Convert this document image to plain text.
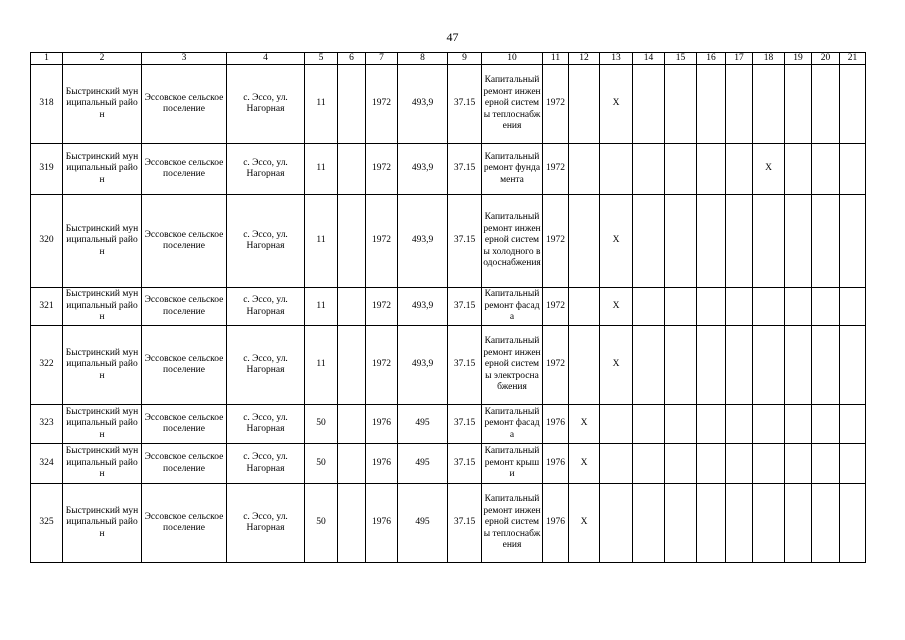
47
1	2	3	4	5	6	7	8	9	10	11	12	13	14	15	16	17	18	19	20	21
318	Быстринский муниципальный район	Эссовское сельское поселение	с. Эссо, ул. Нагорная	11		1972	493,9	37.15	Капитальный ремонт инженерной системы теплоснабжения	1972		X								
319	Быстринский муниципальный район	Эссовское сельское поселение	с. Эссо, ул. Нагорная	11		1972	493,9	37.15	Капитальный ремонт фундамента	1972							X			
320	Быстринский муниципальный район	Эссовское сельское поселение	с. Эссо, ул. Нагорная	11		1972	493,9	37.15	Капитальный ремонт инженерной системы холодного водоснабжения	1972		X								
321	Быстринский муниципальный район	Эссовское сельское поселение	с. Эссо, ул. Нагорная	11		1972	493,9	37.15	Капитальный ремонт фасада	1972		X								
322	Быстринский муниципальный район	Эссовское сельское поселение	с. Эссо, ул. Нагорная	11		1972	493,9	37.15	Капитальный ремонт инженерной системы электроснабжения	1972		X								
323	Быстринский муниципальный район	Эссовское сельское поселение	с. Эссо, ул. Нагорная	50		1976	495	37.15	Капитальный ремонт фасада	1976	X									
324	Быстринский муниципальный район	Эссовское сельское поселение	с. Эссо, ул. Нагорная	50		1976	495	37.15	Капитальный ремонт крыши	1976	X									
325	Быстринский муниципальный район	Эссовское сельское поселение	с. Эссо, ул. Нагорная	50		1976	495	37.15	Капитальный ремонт инженерной системы теплоснабжения	1976	X									
